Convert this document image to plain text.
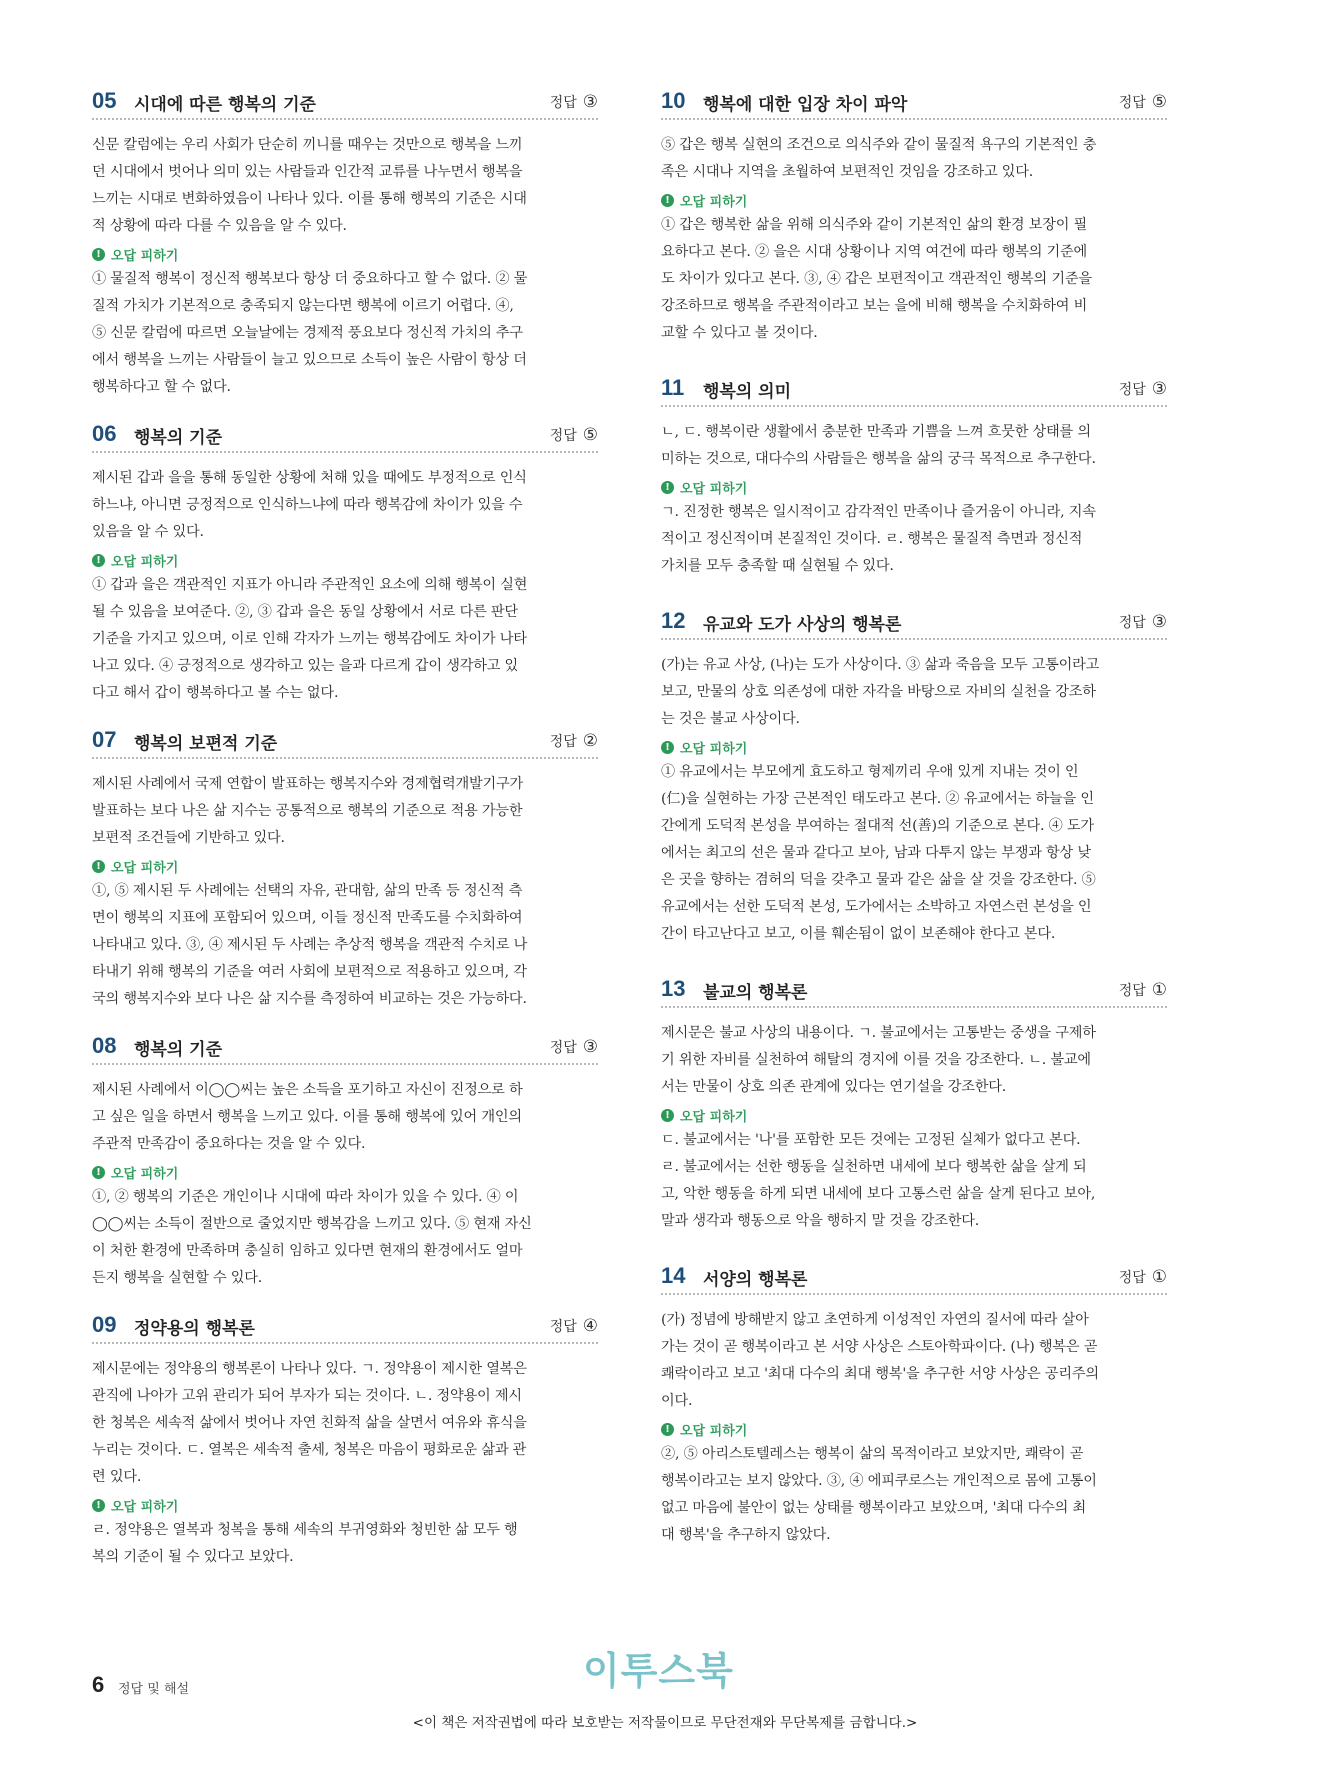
05 시대에 따른 행복의 기준	정답 ③

신문 칼럼에는 우리 사회가 단순히 끼니를 때우는 것만으로 행복을 느끼

던 시대에서 벗어나 의미 있는 사람들과 인간적 교류를 나누면서 행복을

느끼는 시대로 변화하였음이 나타나 있다. 이를 통해 행복의 기준은 시대

적 상황에 따라 다를 수 있음을 알 수 있다.

! 오답 피하기

① 물질적 행복이 정신적 행복보다 항상 더 중요하다고 할 수 없다. ② 물

질적 가치가 기본적으로 충족되지 않는다면 행복에 이르기 어렵다. ④,

⑤ 신문 칼럼에 따르면 오늘날에는 경제적 풍요보다 정신적 가치의 추구

에서 행복을 느끼는 사람들이 늘고 있으므로 소득이 높은 사람이 항상 더

행복하다고 할 수 없다.

06 행복의 기준	정답 ⑤

제시된 갑과 을을 통해 동일한 상황에 처해 있을 때에도 부정적으로 인식

하느냐, 아니면 긍정적으로 인식하느냐에 따라 행복감에 차이가 있을 수

있음을 알 수 있다.

! 오답 피하기

① 갑과 을은 객관적인 지표가 아니라 주관적인 요소에 의해 행복이 실현

될 수 있음을 보여준다. ②, ③ 갑과 을은 동일 상황에서 서로 다른 판단

기준을 가지고 있으며, 이로 인해 각자가 느끼는 행복감에도 차이가 나타

나고 있다. ④ 긍정적으로 생각하고 있는 을과 다르게 갑이 생각하고 있

다고 해서 갑이 행복하다고 볼 수는 없다.

07 행복의 보편적 기준	정답 ②

제시된 사례에서 국제 연합이 발표하는 행복지수와 경제협력개발기구가

발표하는 보다 나은 삶 지수는 공통적으로 행복의 기준으로 적용 가능한

보편적 조건들에 기반하고 있다.

! 오답 피하기

①, ⑤ 제시된 두 사례에는 선택의 자유, 관대함, 삶의 만족 등 정신적 측

면이 행복의 지표에 포함되어 있으며, 이들 정신적 만족도를 수치화하여

나타내고 있다. ③, ④ 제시된 두 사례는 추상적 행복을 객관적 수치로 나

타내기 위해 행복의 기준을 여러 사회에 보편적으로 적용하고 있으며, 각

국의 행복지수와 보다 나은 삶 지수를 측정하여 비교하는 것은 가능하다.

08 행복의 기준	정답 ③

제시된 사례에서 이◯◯씨는 높은 소득을 포기하고 자신이 진정으로 하

고 싶은 일을 하면서 행복을 느끼고 있다. 이를 통해 행복에 있어 개인의

주관적 만족감이 중요하다는 것을 알 수 있다.

! 오답 피하기

①, ② 행복의 기준은 개인이나 시대에 따라 차이가 있을 수 있다. ④ 이

◯◯씨는 소득이 절반으로 줄었지만 행복감을 느끼고 있다. ⑤ 현재 자신

이 처한 환경에 만족하며 충실히 임하고 있다면 현재의 환경에서도 얼마

든지 행복을 실현할 수 있다.

09 정약용의 행복론	정답 ④

제시문에는 정약용의 행복론이 나타나 있다. ㄱ. 정약용이 제시한 열복은

관직에 나아가 고위 관리가 되어 부자가 되는 것이다. ㄴ. 정약용이 제시

한 청복은 세속적 삶에서 벗어나 자연 친화적 삶을 살면서 여유와 휴식을

누리는 것이다. ㄷ. 열복은 세속적 출세, 청복은 마음이 평화로운 삶과 관

련 있다.

! 오답 피하기

ㄹ. 정약용은 열복과 청복을 통해 세속의 부귀영화와 청빈한 삶 모두 행

복의 기준이 될 수 있다고 보았다.

10 행복에 대한 입장 차이 파악	정답 ⑤

⑤ 갑은 행복 실현의 조건으로 의식주와 같이 물질적 욕구의 기본적인 충

족은 시대나 지역을 초월하여 보편적인 것임을 강조하고 있다.

! 오답 피하기

① 갑은 행복한 삶을 위해 의식주와 같이 기본적인 삶의 환경 보장이 필

요하다고 본다. ② 을은 시대 상황이나 지역 여건에 따라 행복의 기준에

도 차이가 있다고 본다. ③, ④ 갑은 보편적이고 객관적인 행복의 기준을

강조하므로 행복을 주관적이라고 보는 을에 비해 행복을 수치화하여 비

교할 수 있다고 볼 것이다.

11 행복의 의미	정답 ③

ㄴ, ㄷ. 행복이란 생활에서 충분한 만족과 기쁨을 느껴 흐뭇한 상태를 의

미하는 것으로, 대다수의 사람들은 행복을 삶의 궁극 목적으로 추구한다.

! 오답 피하기

ㄱ. 진정한 행복은 일시적이고 감각적인 만족이나 즐거움이 아니라, 지속

적이고 정신적이며 본질적인 것이다. ㄹ. 행복은 물질적 측면과 정신적

가치를 모두 충족할 때 실현될 수 있다.

12 유교와 도가 사상의 행복론	정답 ③

(가)는 유교 사상, (나)는 도가 사상이다. ③ 삶과 죽음을 모두 고통이라고

보고, 만물의 상호 의존성에 대한 자각을 바탕으로 자비의 실천을 강조하

는 것은 불교 사상이다.

! 오답 피하기

① 유교에서는 부모에게 효도하고 형제끼리 우애 있게 지내는 것이 인

(仁)을 실현하는 가장 근본적인 태도라고 본다. ② 유교에서는 하늘을 인

간에게 도덕적 본성을 부여하는 절대적 선(善)의 기준으로 본다. ④ 도가

에서는 최고의 선은 물과 같다고 보아, 남과 다투지 않는 부쟁과 항상 낮

은 곳을 향하는 겸허의 덕을 갖추고 물과 같은 삶을 살 것을 강조한다. ⑤

유교에서는 선한 도덕적 본성, 도가에서는 소박하고 자연스런 본성을 인

간이 타고난다고 보고, 이를 훼손됨이 없이 보존해야 한다고 본다.

13 불교의 행복론	정답 ①

제시문은 불교 사상의 내용이다. ㄱ. 불교에서는 고통받는 중생을 구제하

기 위한 자비를 실천하여 해탈의 경지에 이를 것을 강조한다. ㄴ. 불교에

서는 만물이 상호 의존 관계에 있다는 연기설을 강조한다.

! 오답 피하기

ㄷ. 불교에서는 '나'를 포함한 모든 것에는 고정된 실체가 없다고 본다.

ㄹ. 불교에서는 선한 행동을 실천하면 내세에 보다 행복한 삶을 살게 되

고, 악한 행동을 하게 되면 내세에 보다 고통스런 삶을 살게 된다고 보아,

말과 생각과 행동으로 악을 행하지 말 것을 강조한다.

14 서양의 행복론	정답 ①

(가) 정념에 방해받지 않고 초연하게 이성적인 자연의 질서에 따라 살아

가는 것이 곧 행복이라고 본 서양 사상은 스토아학파이다. (나) 행복은 곧

쾌락이라고 보고 '최대 다수의 최대 행복'을 추구한 서양 사상은 공리주의

이다.

! 오답 피하기

②, ⑤ 아리스토텔레스는 행복이 삶의 목적이라고 보았지만, 쾌락이 곧

행복이라고는 보지 않았다. ③, ④ 에피쿠로스는 개인적으로 몸에 고통이

없고 마음에 불안이 없는 상태를 행복이라고 보았으며, '최대 다수의 최

대 행복'을 추구하지 않았다.

6 정답 및 해설	이투스북
<이 책은 저작권법에 따라 보호받는 저작물이므로 무단전재와 무단복제를 금합니다.>
